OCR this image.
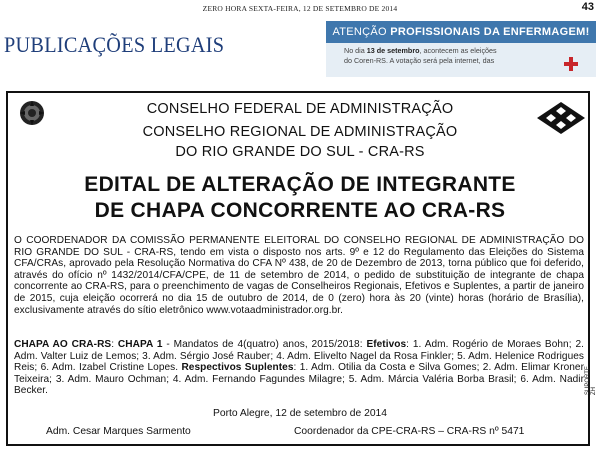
ZERO HORA SEXTA-FEIRA, 12 DE SETEMBRO DE 2014	43
PUBLICAÇÕES LEGAIS	ATENÇÃO PROFISSIONAIS DA ENFERMAGEM!
No dia 13 de setembro, acontecem as eleições
do Coren-RS. A votação será pela internet, das
CONSELHO FEDERAL DE ADMINISTRAÇÃO
CONSELHO REGIONAL DE ADMINISTRAÇÃO
DO RIO GRANDE DO SUL - CRA-RS
EDITAL DE ALTERAÇÃO DE INTEGRANTE
DE CHAPA CONCORRENTE AO CRA-RS
O COORDENADOR DA COMISSÃO PERMANENTE ELEITORAL DO CONSELHO REGIONAL DE ADMINISTRAÇÃO DO RIO GRANDE DO SUL - CRA-RS, tendo em vista o disposto nos arts. 9º e 12 do Regulamento das Eleições do Sistema CFA/CRAs, aprovado pela Resolução Normativa do CFA Nº 438, de 20 de Dezembro de 2013, torna público que foi deferido, através do ofício nº 1432/2014/CFA/CPE, de 11 de setembro de 2014, o pedido de substituição de integrante de chapa concorrente ao CRA-RS, para o preenchimento de vagas de Conselheiros Regionais, Efetivos e Suplentes, a partir de janeiro de 2015, cuja eleição ocorrerá no dia 15 de outubro de 2014, de 0 (zero) hora às 20 (vinte) horas (horário de Brasília), exclusivamente através do sítio eletrônico www.votaadministrador.org.br.
CHAPA AO CRA-RS: CHAPA 1 - Mandatos de 4(quatro) anos, 2015/2018: Efetivos: 1. Adm. Rogério de Moraes Bohn; 2. Adm. Valter Luiz de Lemos; 3. Adm. Sérgio José Rauber; 4. Adm. Elivelto Nagel da Rosa Finkler; 5. Adm. Helenice Rodrigues Reis; 6. Adm. Izabel Cristine Lopes. Respectivos Suplentes: 1. Adm. Otilia da Costa e Silva Gomes; 2. Adm. Elimar Kroner Teixeira; 3. Adm. Mauro Ochman; 4. Adm. Fernando Fagundes Milagre; 5. Adm. Márcia Valéria Borba Brasil; 6. Adm. Nadir Becker.
Porto Alegre, 12 de setembro de 2014
Adm. Cesar Marques Sarmento	Coordenador da CPE-CRA-RS – CRA-RS nº 5471
SUPORTE ZH
